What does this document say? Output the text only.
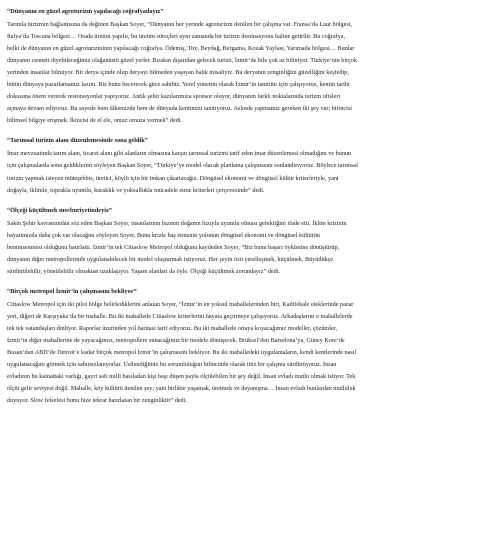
“Dünyanın en güzel agroturizm yapılacağı coğrafyadayız”

Tarımla turizmin bağlantısına da değinen Başkan Soyer, “Dünyanın her yerinde agroturizm denilen bir çalışma var. Fransa’da Luar bölgesi,
İtalya’da Toscana bölgesi… Orada üretim yapılır, bu üretim süreçleri aynı zamanda bir turizm destinasyonu haline getirilir. Bu coğrafya,
belki de dünyanın en güzel agroturizminin yapılacağı coğrafya. Ödemiş, Tire, Beydağ, Bergama, Kozak Yaylası, Yarımada bölgesi… Bunlar
dünyanın cenneti diyebileceğimiz olağanüstü güzel yerler. Bırakın dışarıdan gelecek turisti, İzmir’de bile çok az biliniyor. Türkiye’nin birçok
yerinden insanlar bilmiyor. Bir derya içinde olup deryayı bilmeden yaşayan balık misaliyiz. Bu deryanın zenginliğini güzelliğini keşfedip,
bütün dünyaya pazarlamamız lazım. Biz bunu becerecek güce sahibiz. Yerel yönetim olarak İzmir’in tanıtımı için çalışıyoruz, kentin tarihi
dokusuna önem vererek restorasyonlar yapıyoruz. Antik şehir kazılarımıza sponsor oluyor, dünyanın farklı noktalarında turizm ofisleri
açmaya devam ediyoruz. Bu sayede hem ülkemizde hem de dünyada kentimizi tanıtıyoruz. Aslında yapmamız gereken iki şey var; birincisi
bilimsel bilgiye erişmek. İkincisi de el ele, omuz omuza vermek” dedi.

“Tarımsal turizm alanı düzenlemesinde sona geldik”

İmar mevzuatında tarım alanı, ticaret alanı gibi alanların olmasına karşın tarımsal turizmi tarif eden imar düzenlemesi olmadığını ve bunun
için çalışmalarda sona geldiklerini söyleyen Başkan Soyer, “Türkiye’ye model olacak planlama çalışmasını sonlandırıyoruz. Böylece tarımsal
turizm yapmak isteyen müteşebbis, üretici, köylü için bir imkan çıkartacağız. Döngüsel ekonomi ve döngüsel kültür kriterleriyle, yani
doğayla, iklimle, toprakla uyumlu, kuraklık ve yoksullukla mücadele etme kriterleri çerçevesinde” dedi.

“Ölçeği küçültmek mecburiyetindeyiz”

Sakin Şehir kavramından söz eden Başkan Soyer, insanlarının hızının doğanın hızıyla uyumlu olması gerektiğini ifade etti. İklim krizinin
hayatımızda daha çok var olacağını söyleyen Soyer, Bunu krizle baş etmenin yolunun döngüsel ekonomi ve döngüsel kültürün
benimsenmesi olduğunu hatırlattı. İzmir’in tek Cittaslow Metropol olduğunu kaydeden Soyer, “Biz bunu başarı öyküsüne dönüştürüp,
dünyanın diğer metropollerinde uygulanabilecek bir model oluşturmak istiyoruz. Her şeyin özü yerelleşmek, küçülmek. Büyüdükçe
sürdürülebilir, yönetilebilir olmaktan uzaklaşıyor. Yaşam alanları da öyle. Ölçeği küçültmek zorundayız” dedi.

“Birçok metropol İzmir’in çalışmasını bekliyor”

Cittaslow Metropol için iki pilot bölge belirlediklerini anlatan Soyer, “İzmir’in en yoksul mahallelerinden biri, Kadifekale eteklerinde pazar
yeri, diğeri de Karşıyaka’da bir mahalle. Bu iki mahallede Cittaslow kriterlerini hayata geçirmeye çalışıyoruz. Arkadaşlarım o mahallelerde
tek tek vatandaşları dinliyor. Raporlar üzerinden yol haritası tarif ediyoruz. Bu iki mahallede ortaya koyacağımız modeller, çözümler,
İzmir’in diğer mahallerine de yayacağımız, metropollere sunacağımız bir modele dönüşecek. Brüksel’den Barselona’ya, Güney Kore’de
Busan’dan ABD’de Detroit’e kadar birçok metropol İzmir’in çalışmasını bekliyor. Bu iki mahalledeki uygulamaların, kendi kentlerinde nasıl
uygulanacağını görmek için sabırsızlanıyorlar. Üstlendiğimiz bu sorumluluğun bilincinde olarak titiz bir çalışma sürdürüyoruz. İnsan
evladının bu kainattaki varlığı, gayri safi milli hasıladan kişi başı düşen paylа ölçülebilen bir şey değil. İnsan evladı mutlu olmak istiyor. Tek
ölçüt gelir seviyesi değil. Mahalle, köy kültürü denilen şey; yani birlikte yaşamak, üretmek ve dayanışma… İnsan evladı bunlardan mutluluk
duyuyor. Slow felsefesi bunu bize tekrar hatırlatan bir zenginliktir” dedi.
